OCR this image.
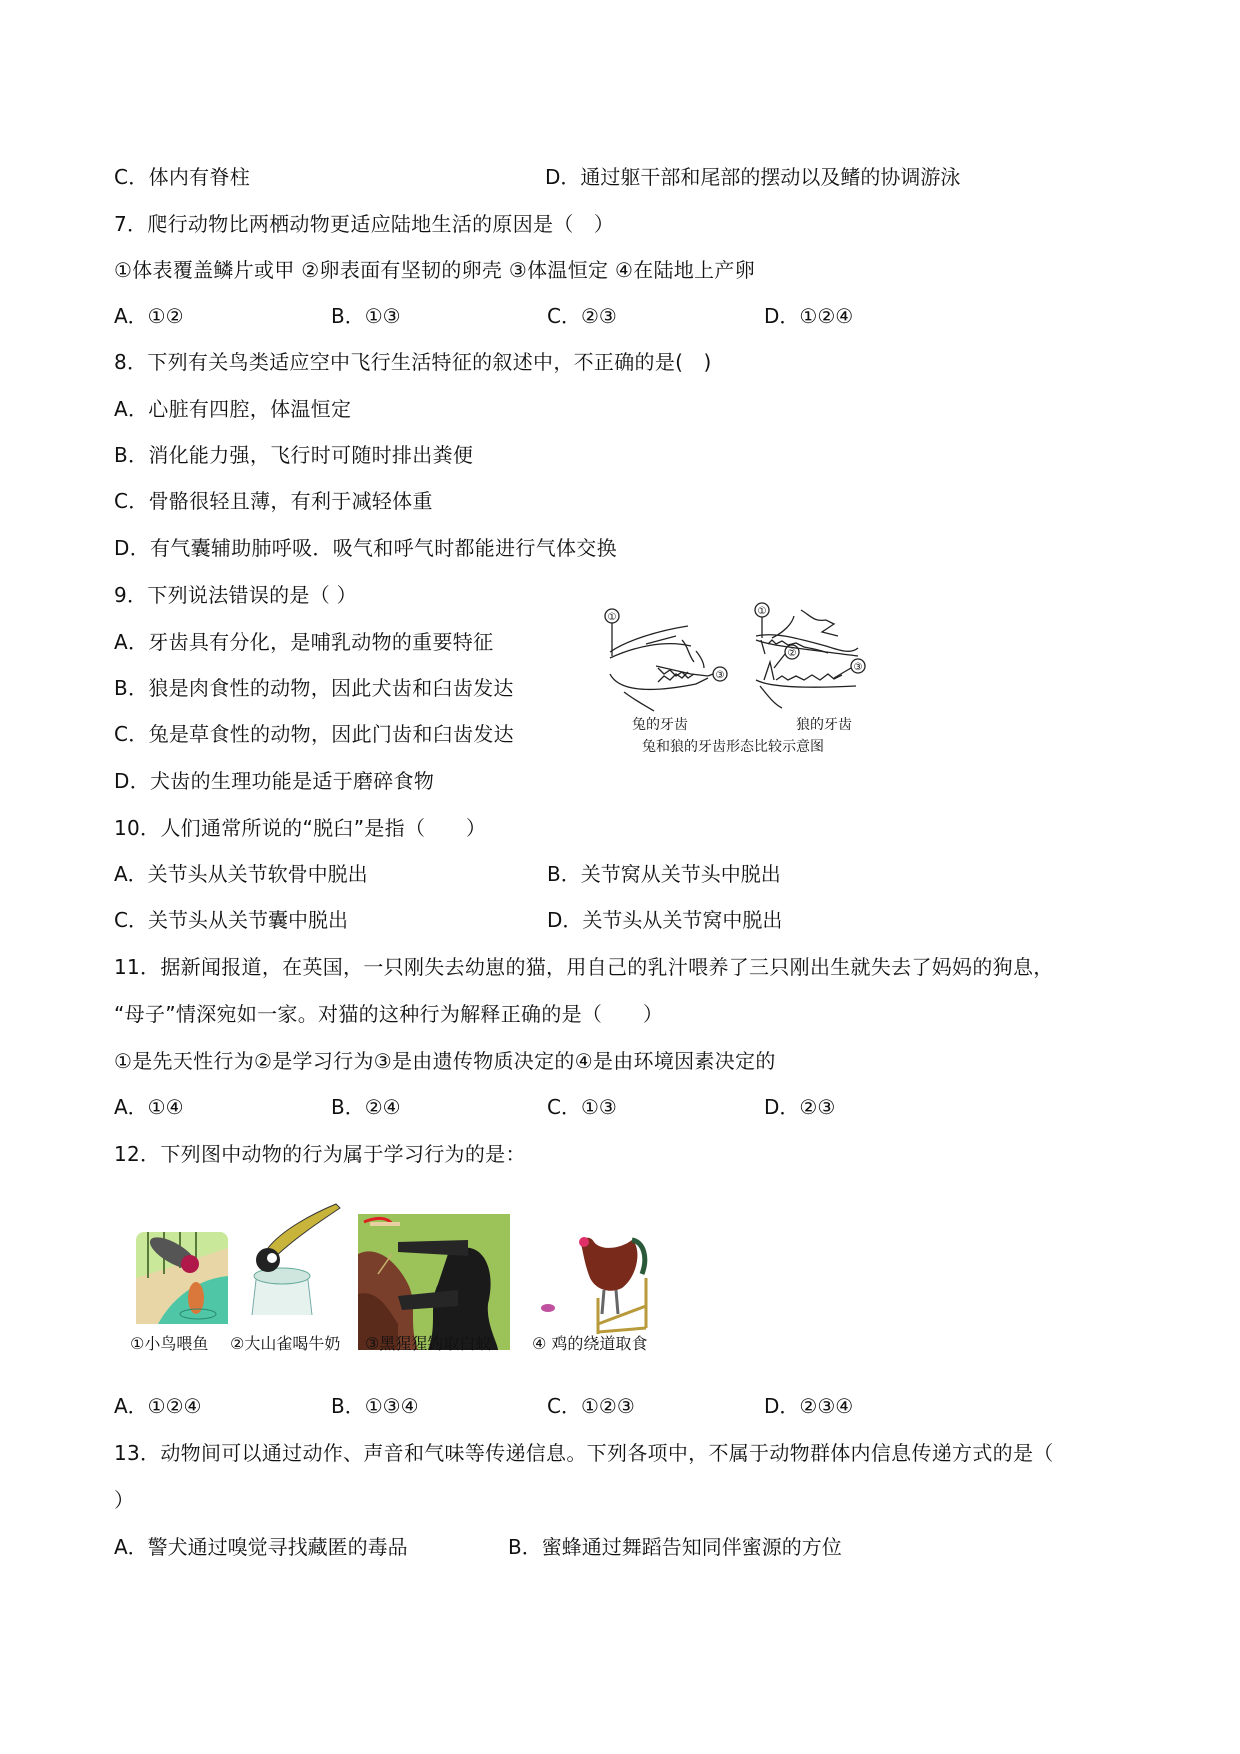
C．体内有脊柱	D．通过躯干部和尾部的摆动以及鳍的协调游泳
7．爬行动物比两栖动物更适应陆地生活的原因是（　）
①体表覆盖鳞片或甲 ②卵表面有坚韧的卵壳 ③体温恒定 ④在陆地上产卵
A．①②	B．①③	C．②③	D．①②④
8．下列有关鸟类适应空中飞行生活特征的叙述中，不正确的是(　)
A．心脏有四腔，体温恒定
B．消化能力强，飞行时可随时排出粪便
C．骨骼很轻且薄，有利于减轻体重
D．有气囊辅助肺呼吸．吸气和呼气时都能进行气体交换
9．下列说法错误的是（ ）
A．牙齿具有分化，是哺乳动物的重要特征
B．狼是肉食性的动物，因此犬齿和臼齿发达
C．兔是草食性的动物，因此门齿和臼齿发达
D．犬齿的生理功能是适于磨碎食物
①
③
①
②
③
兔的牙齿	狼的牙齿
兔和狼的牙齿形态比较示意图
10．人们通常所说的“脱臼”是指（　　）
A．关节头从关节软骨中脱出	B．关节窝从关节头中脱出
C．关节头从关节囊中脱出	D．关节头从关节窝中脱出
11．据新闻报道，在英国，一只刚失去幼崽的猫，用自己的乳汁喂养了三只刚出生就失去了妈妈的狗息，
“母子”情深宛如一家。对猫的这种行为解释正确的是（　　）
①是先天性行为②是学习行为③是由遗传物质决定的④是由环境因素决定的
A．①④	B．②④	C．①③	D．②③
12．下列图中动物的行为属于学习行为的是：
①小鸟喂鱼 ②大山雀喝牛奶 ③黑猩猩钓取白蚁	④ 鸡的绕道取食
A．①②④	B．①③④	C．①②③	D．②③④
13．动物间可以通过动作、声音和气味等传递信息。下列各项中，不属于动物群体内信息传递方式的是（
）
A．警犬通过嗅觉寻找藏匿的毒品	B．蜜蜂通过舞蹈告知同伴蜜源的方位
